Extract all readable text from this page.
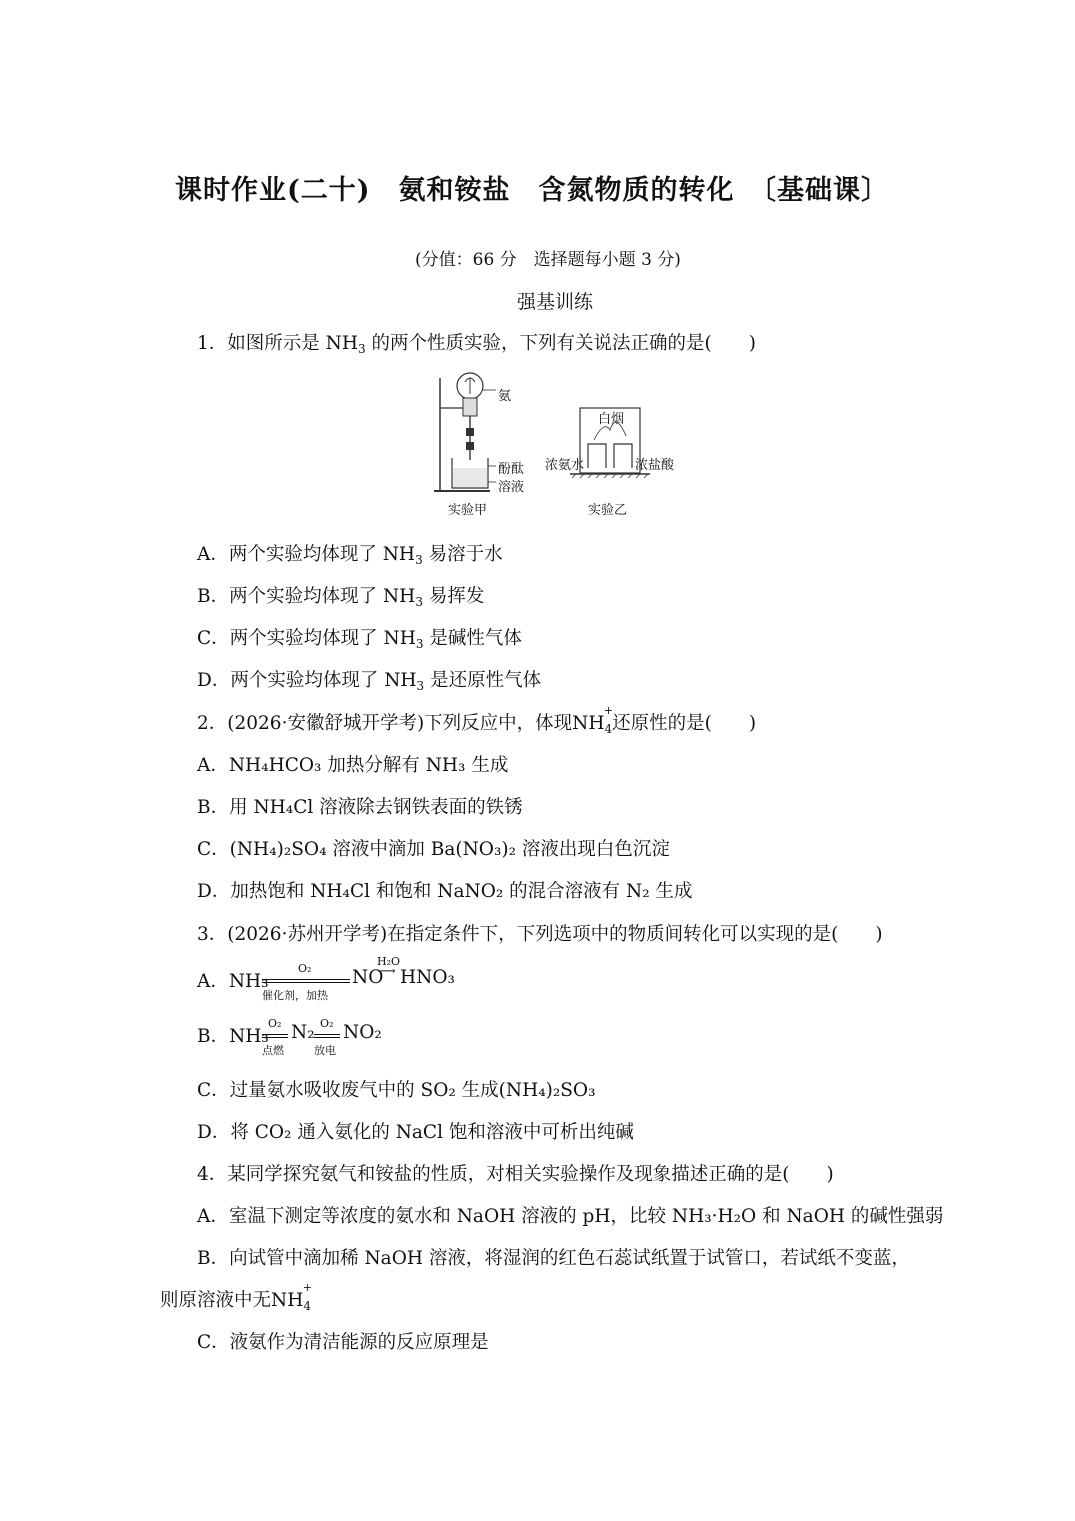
课时作业(二十)　氨和铵盐　含氮物质的转化　〔基础课〕
(分值：66 分　选择题每小题 3 分)
强基训练
1．如图所示是 $NH_3$ 的两个性质实验，下列有关说法正确的是(　　)
氨
酚酞
溶液
白烟
浓氨水	浓盐酸
实验甲	实验乙
A．两个实验均体现了 $NH_3$ 易溶于水
B．两个实验均体现了 $NH_3$ 易挥发
C．两个实验均体现了 $NH_3$ 是碱性气体
D．两个实验均体现了 $NH_3$ 是还原性气体
2．(2026·安徽舒城开学考)下列反应中，体现$NH_4$
+
还原性的是(　　)
A．NH₄HCO₃ 加热分解有 NH₃ 生成
B．用 NH₄Cl 溶液除去钢铁表面的铁锈
C．(NH₄)₂SO₄ 溶液中滴加 Ba(NO₃)₂ 溶液出现白色沉淀
D．加热饱和 NH₄Cl 和饱和 NaNO₂ 的混合溶液有 N₂ 生成
3．(2026·苏州开学考)在指定条件下，下列选项中的物质间转化可以实现的是(　　)
A．NH₃
O₂
催化剂，加热
NO
H₂O
⟶ HNO₃
B．NH₃
O₂
点燃
N₂ O₂
放电
NO₂
C．过量氨水吸收废气中的 SO₂ 生成(NH₄)₂SO₃
D．将 CO₂ 通入氨化的 NaCl 饱和溶液中可析出纯碱
4．某同学探究氨气和铵盐的性质，对相关实验操作及现象描述正确的是(　　)
A．室温下测定等浓度的氨水和 NaOH 溶液的 pH，比较 NH₃·H₂O 和 NaOH 的碱性强弱
B．向试管中滴加稀 NaOH 溶液，将湿润的红色石蕊试纸置于试管口，若试纸不变蓝，
则原溶液中无$NH_4$
+
C．液氨作为清洁能源的反应原理是
